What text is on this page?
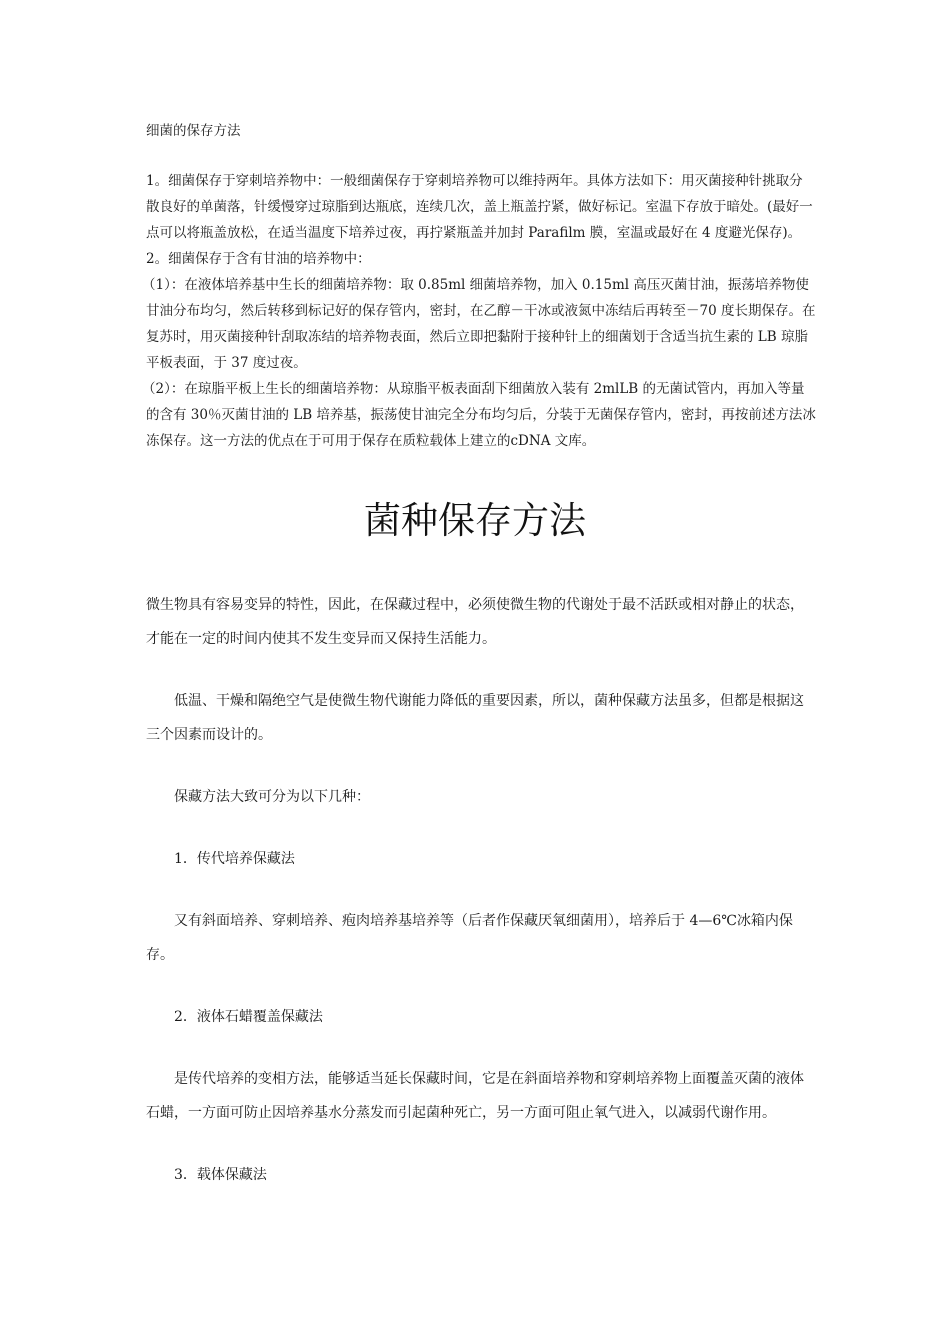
细菌的保存方法

1。细菌保存于穿刺培养物中：一般细菌保存于穿刺培养物可以维持两年。具体方法如下：用灭菌接种针挑取分散良好的单菌落，针缓慢穿过琼脂到达瓶底，连续几次，盖上瓶盖拧紧，做好标记。室温下存放于暗处。(最好一点可以将瓶盖放松，在适当温度下培养过夜，再拧紧瓶盖并加封 Parafilm 膜，室温或最好在 4 度避光保存)。

2。细菌保存于含有甘油的培养物中：

（1）：在液体培养基中生长的细菌培养物：取 0.85ml 细菌培养物，加入 0.15ml 高压灭菌甘油，振荡培养物使甘油分布均匀，然后转移到标记好的保存管内，密封，在乙醇－干冰或液氮中冻结后再转至－70 度长期保存。在复苏时，用灭菌接种针刮取冻结的培养物表面，然后立即把黏附于接种针上的细菌划于含适当抗生素的 LB 琼脂平板表面，于 37 度过夜。

（2）：在琼脂平板上生长的细菌培养物：从琼脂平板表面刮下细菌放入装有 2mlLB 的无菌试管内，再加入等量的含有 30％灭菌甘油的 LB 培养基，振荡使甘油完全分布均匀后，分装于无菌保存管内，密封，再按前述方法冰冻保存。这一方法的优点在于可用于保存在质粒载体上建立的cDNA 文库。

菌种保存方法

微生物具有容易变异的特性，因此，在保藏过程中，必须使微生物的代谢处于最不活跃或相对静止的状态，才能在一定的时间内使其不发生变异而又保持生活能力。

低温、干燥和隔绝空气是使微生物代谢能力降低的重要因素，所以，菌种保藏方法虽多，但都是根据这三个因素而设计的。

保藏方法大致可分为以下几种：

1．传代培养保藏法

又有斜面培养、穿刺培养、疱肉培养基培养等（后者作保藏厌氧细菌用），培养后于 4—6℃冰箱内保存。

2．液体石蜡覆盖保藏法

是传代培养的变相方法，能够适当延长保藏时间，它是在斜面培养物和穿刺培养物上面覆盖灭菌的液体石蜡，一方面可防止因培养基水分蒸发而引起菌种死亡，另一方面可阻止氧气进入，以减弱代谢作用。

3．载体保藏法
